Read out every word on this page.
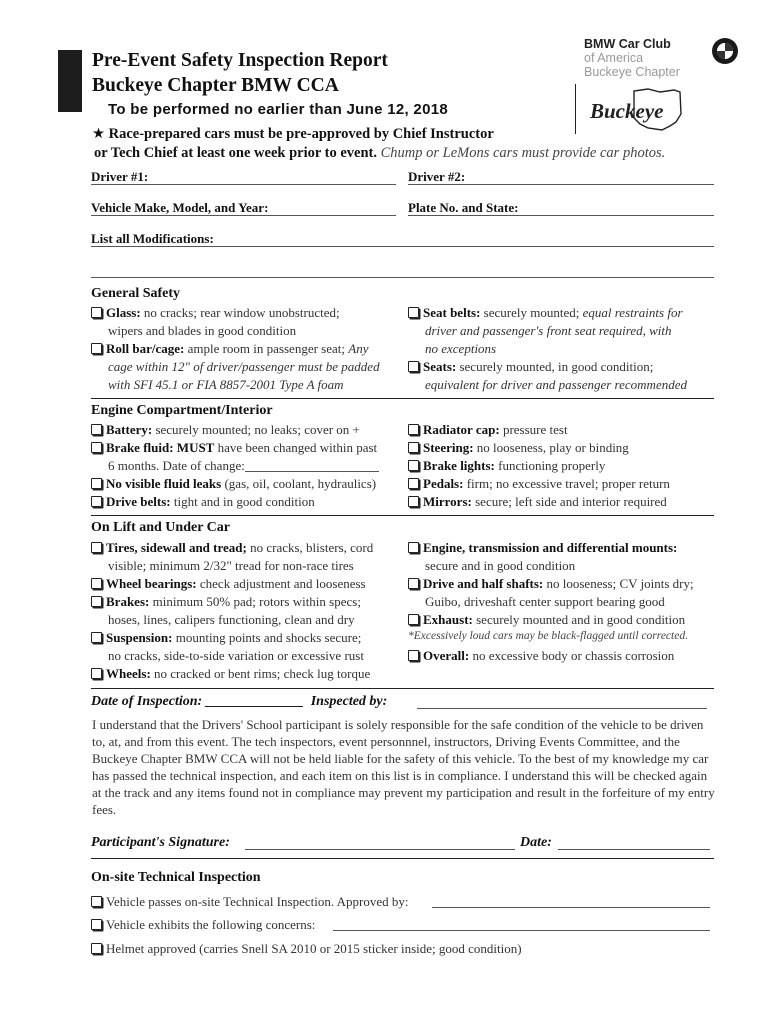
Pre-Event Safety Inspection Report
Buckeye Chapter BMW CCA
To be performed no earlier than June 12, 2018
★ Race-prepared cars must be pre-approved by Chief Instructor
or Tech Chief at least one week prior to event. Chump or LeMons cars must provide car photos.
BMW Car Club
of America
Buckeye Chapter
Buckeye
Driver #1:	Driver #2:
Vehicle Make, Model, and Year:	Plate No. and State:
List all Modifications:
General Safety
Glass: no cracks; rear window unobstructed;
wipers and blades in good condition
Roll bar/cage: ample room in passenger seat; Any
cage within 12" of driver/passenger must be padded
with SFI 45.1 or FIA 8857-2001 Type A foam
Seat belts: securely mounted; equal restraints for
driver and passenger's front seat required, with
no exceptions
Seats: securely mounted, in good condition;
equivalent for driver and passenger recommended
Engine Compartment/Interior
Battery: securely mounted; no leaks; cover on +
Brake fluid: MUST have been changed within past
6 months. Date of change:
No visible fluid leaks (gas, oil, coolant, hydraulics)
Drive belts: tight and in good condition
Radiator cap: pressure test
Steering: no looseness, play or binding
Brake lights: functioning properly
Pedals: firm; no excessive travel; proper return
Mirrors: secure; left side and interior required
On Lift and Under Car
Tires, sidewall and tread; no cracks, blisters, cord
visible; minimum 2/32" tread for non-race tires
Wheel bearings: check adjustment and looseness
Brakes: minimum 50% pad; rotors within specs;
hoses, lines, calipers functioning, clean and dry
Suspension: mounting points and shocks secure;
no cracks, side-to-side variation or excessive rust
Wheels: no cracked or bent rims; check lug torque
Engine, transmission and differential mounts:
secure and in good condition
Drive and half shafts: no looseness; CV joints dry;
Guibo, driveshaft center support bearing good
Exhaust: securely mounted and in good condition
*Excessively loud cars may be black-flagged until corrected.
Overall: no excessive body or chassis corrosion
Date of Inspection: ______________ Inspected by:
I understand that the Drivers' School participant is solely responsible for the safe condition of the vehicle to be driven to, at, and from this event. The tech inspectors, event personnnel, instructors, Driving Events Committee, and the Buckeye Chapter BMW CCA will not be held liable for the safety of this vehicle. To the best of my knowledge my car has passed the technical inspection, and each item on this list is in compliance. I understand this will be checked again at the track and any items found not in compliance may prevent my participation and result in the forfeiture of my entry fees.
Participant's Signature:	Date:
On-site Technical Inspection
Vehicle passes on-site Technical Inspection. Approved by:
Vehicle exhibits the following concerns:
Helmet approved (carries Snell SA 2010 or 2015 sticker inside; good condition)
